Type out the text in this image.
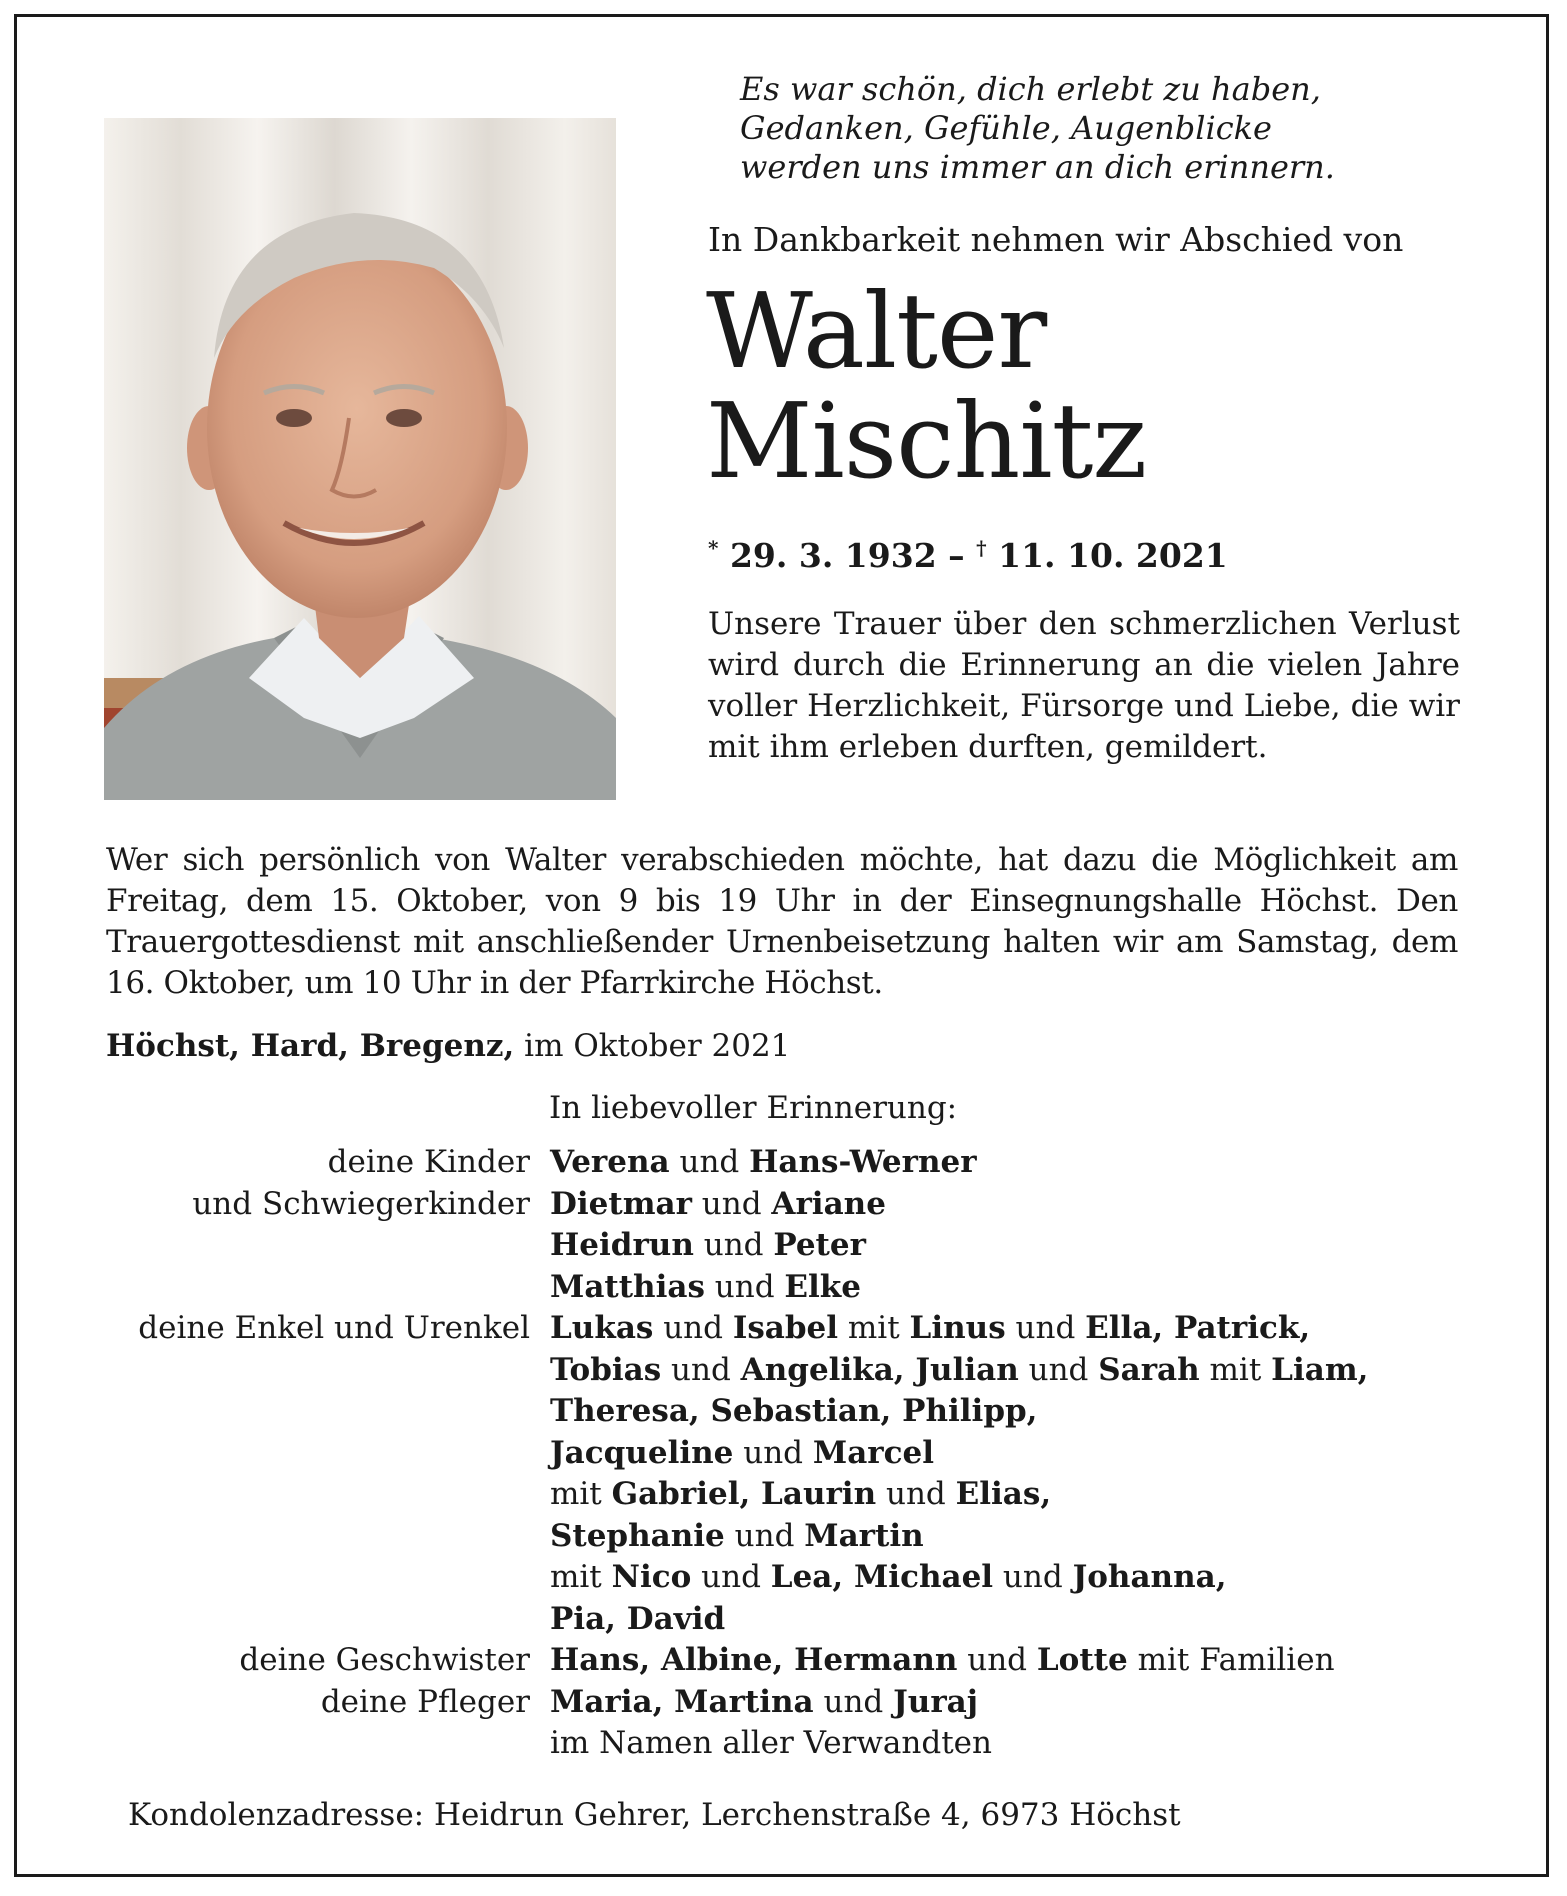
Es war schön, dich erlebt zu haben,
Gedanken, Gefühle, Augenblicke
werden uns immer an dich erinnern.

In Dankbarkeit nehmen wir Abschied von

Walter
Mischitz

* 29. 3. 1932 – † 11. 10. 2021

Unsere Trauer über den schmerzlichen Verlust wird durch die Erinnerung an die vielen Jahre voller Herzlichkeit, Fürsorge und Liebe, die wir mit ihm erleben durften, gemildert.

Wer sich persönlich von Walter verabschieden möchte, hat dazu die Möglichkeit am Freitag, dem 15. Oktober, von 9 bis 19 Uhr in der Einsegnungshalle Höchst. Den Trauergottesdienst mit anschließender Urnenbeisetzung halten wir am Samstag, dem 16. Oktober, um 10 Uhr in der Pfarrkirche Höchst.

Höchst, Hard, Bregenz, im Oktober 2021

In liebevoller Erinnerung:

deine Kinder Verena und Hans-Werner
und Schwiegerkinder Dietmar und Ariane
Heidrun und Peter
Matthias und Elke
deine Enkel und Urenkel Lukas und Isabel mit Linus und Ella, Patrick,
Tobias und Angelika, Julian und Sarah mit Liam,
Theresa, Sebastian, Philipp,
Jacqueline und Marcel
mit Gabriel, Laurin und Elias,
Stephanie und Martin
mit Nico und Lea, Michael und Johanna,
Pia, David
deine Geschwister Hans, Albine, Hermann und Lotte mit Familien
deine Pfleger Maria, Martina und Juraj
im Namen aller Verwandten

Kondolenzadresse: Heidrun Gehrer, Lerchenstraße 4, 6973 Höchst
